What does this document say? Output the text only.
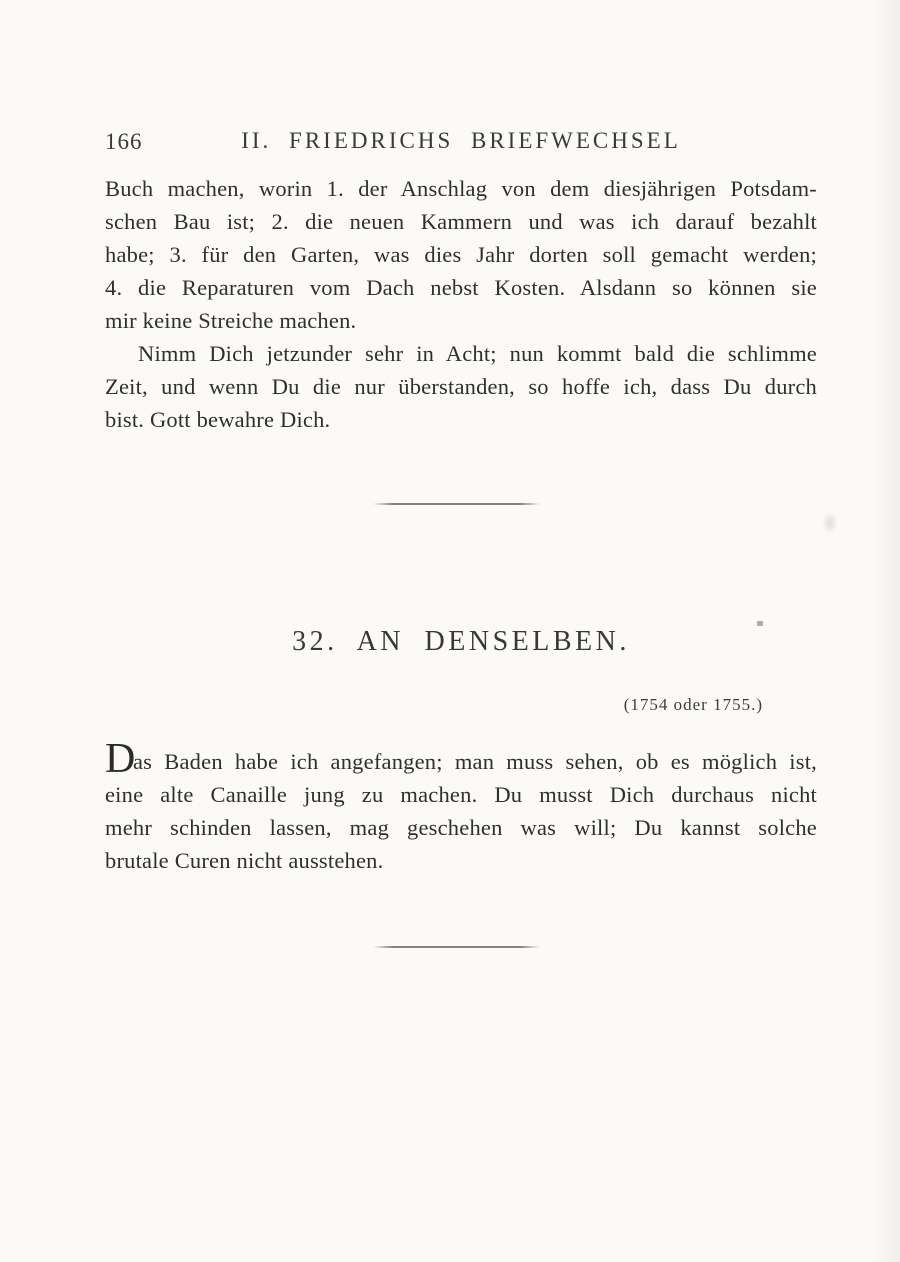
166	II. FRIEDRICHS BRIEFWECHSEL
Buch machen, worin 1. der Anschlag von dem diesjährigen Potsdam-
schen Bau ist; 2. die neuen Kammern und was ich darauf bezahlt
habe; 3. für den Garten, was dies Jahr dorten soll gemacht werden;
4. die Reparaturen vom Dach nebst Kosten. Alsdann so können sie
mir keine Streiche machen.
Nimm Dich jetzunder sehr in Acht; nun kommt bald die schlimme
Zeit, und wenn Du die nur überstanden, so hoffe ich, dass Du durch
bist. Gott bewahre Dich.
32. AN DENSELBEN.
(1754 oder 1755.)
D
as Baden habe ich angefangen; man muss sehen, ob es möglich ist,
eine alte Canaille jung zu machen. Du musst Dich durchaus nicht
mehr schinden lassen, mag geschehen was will; Du kannst solche
brutale Curen nicht ausstehen.
